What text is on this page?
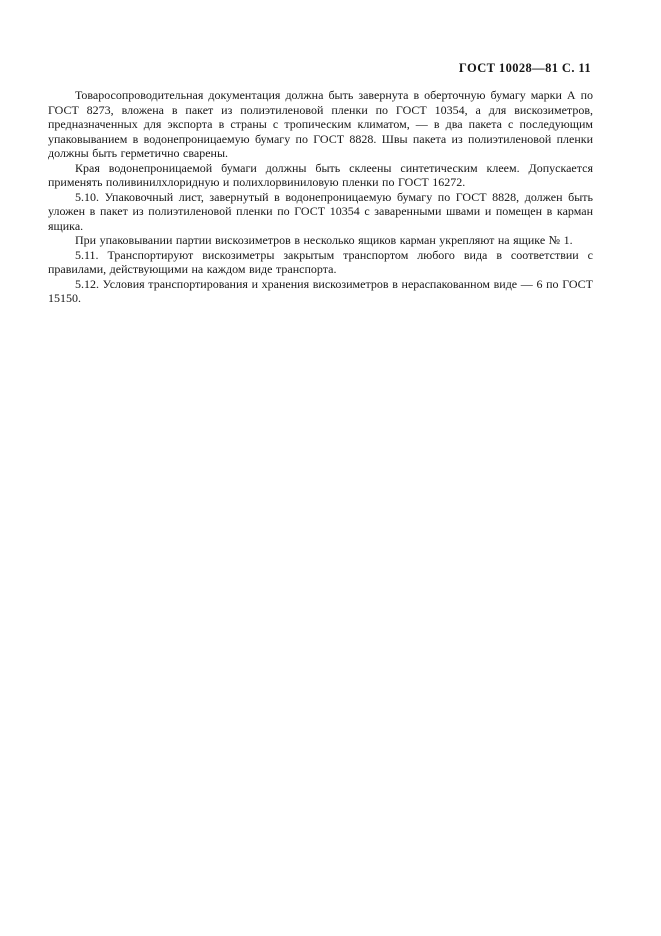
ГОСТ 10028—81 С. 11

Товаросопроводительная документация должна быть завернута в оберточную бумагу марки А по ГОСТ 8273, вложена в пакет из полиэтиленовой пленки по ГОСТ 10354, а для вискозиметров, предназначенных для экспорта в страны с тропическим климатом, — в два пакета с последующим упаковыванием в водонепроницаемую бумагу по ГОСТ 8828. Швы пакета из полиэтиленовой пленки должны быть герметично сварены.

Края водонепроницаемой бумаги должны быть склеены синтетическим клеем. Допускается применять поливинилхлоридную и полихлорвиниловую пленки по ГОСТ 16272.

5.10. Упаковочный лист, завернутый в водонепроницаемую бумагу по ГОСТ 8828, должен быть уложен в пакет из полиэтиленовой пленки по ГОСТ 10354 с заваренными швами и помещен в карман ящика.

При упаковывании партии вискозиметров в несколько ящиков карман укрепляют на ящике № 1.

5.11. Транспортируют вискозиметры закрытым транспортом любого вида в соответствии с правилами, действующими на каждом виде транспорта.

5.12. Условия транспортирования и хранения вискозиметров в нераспакованном виде — 6 по ГОСТ 15150.
